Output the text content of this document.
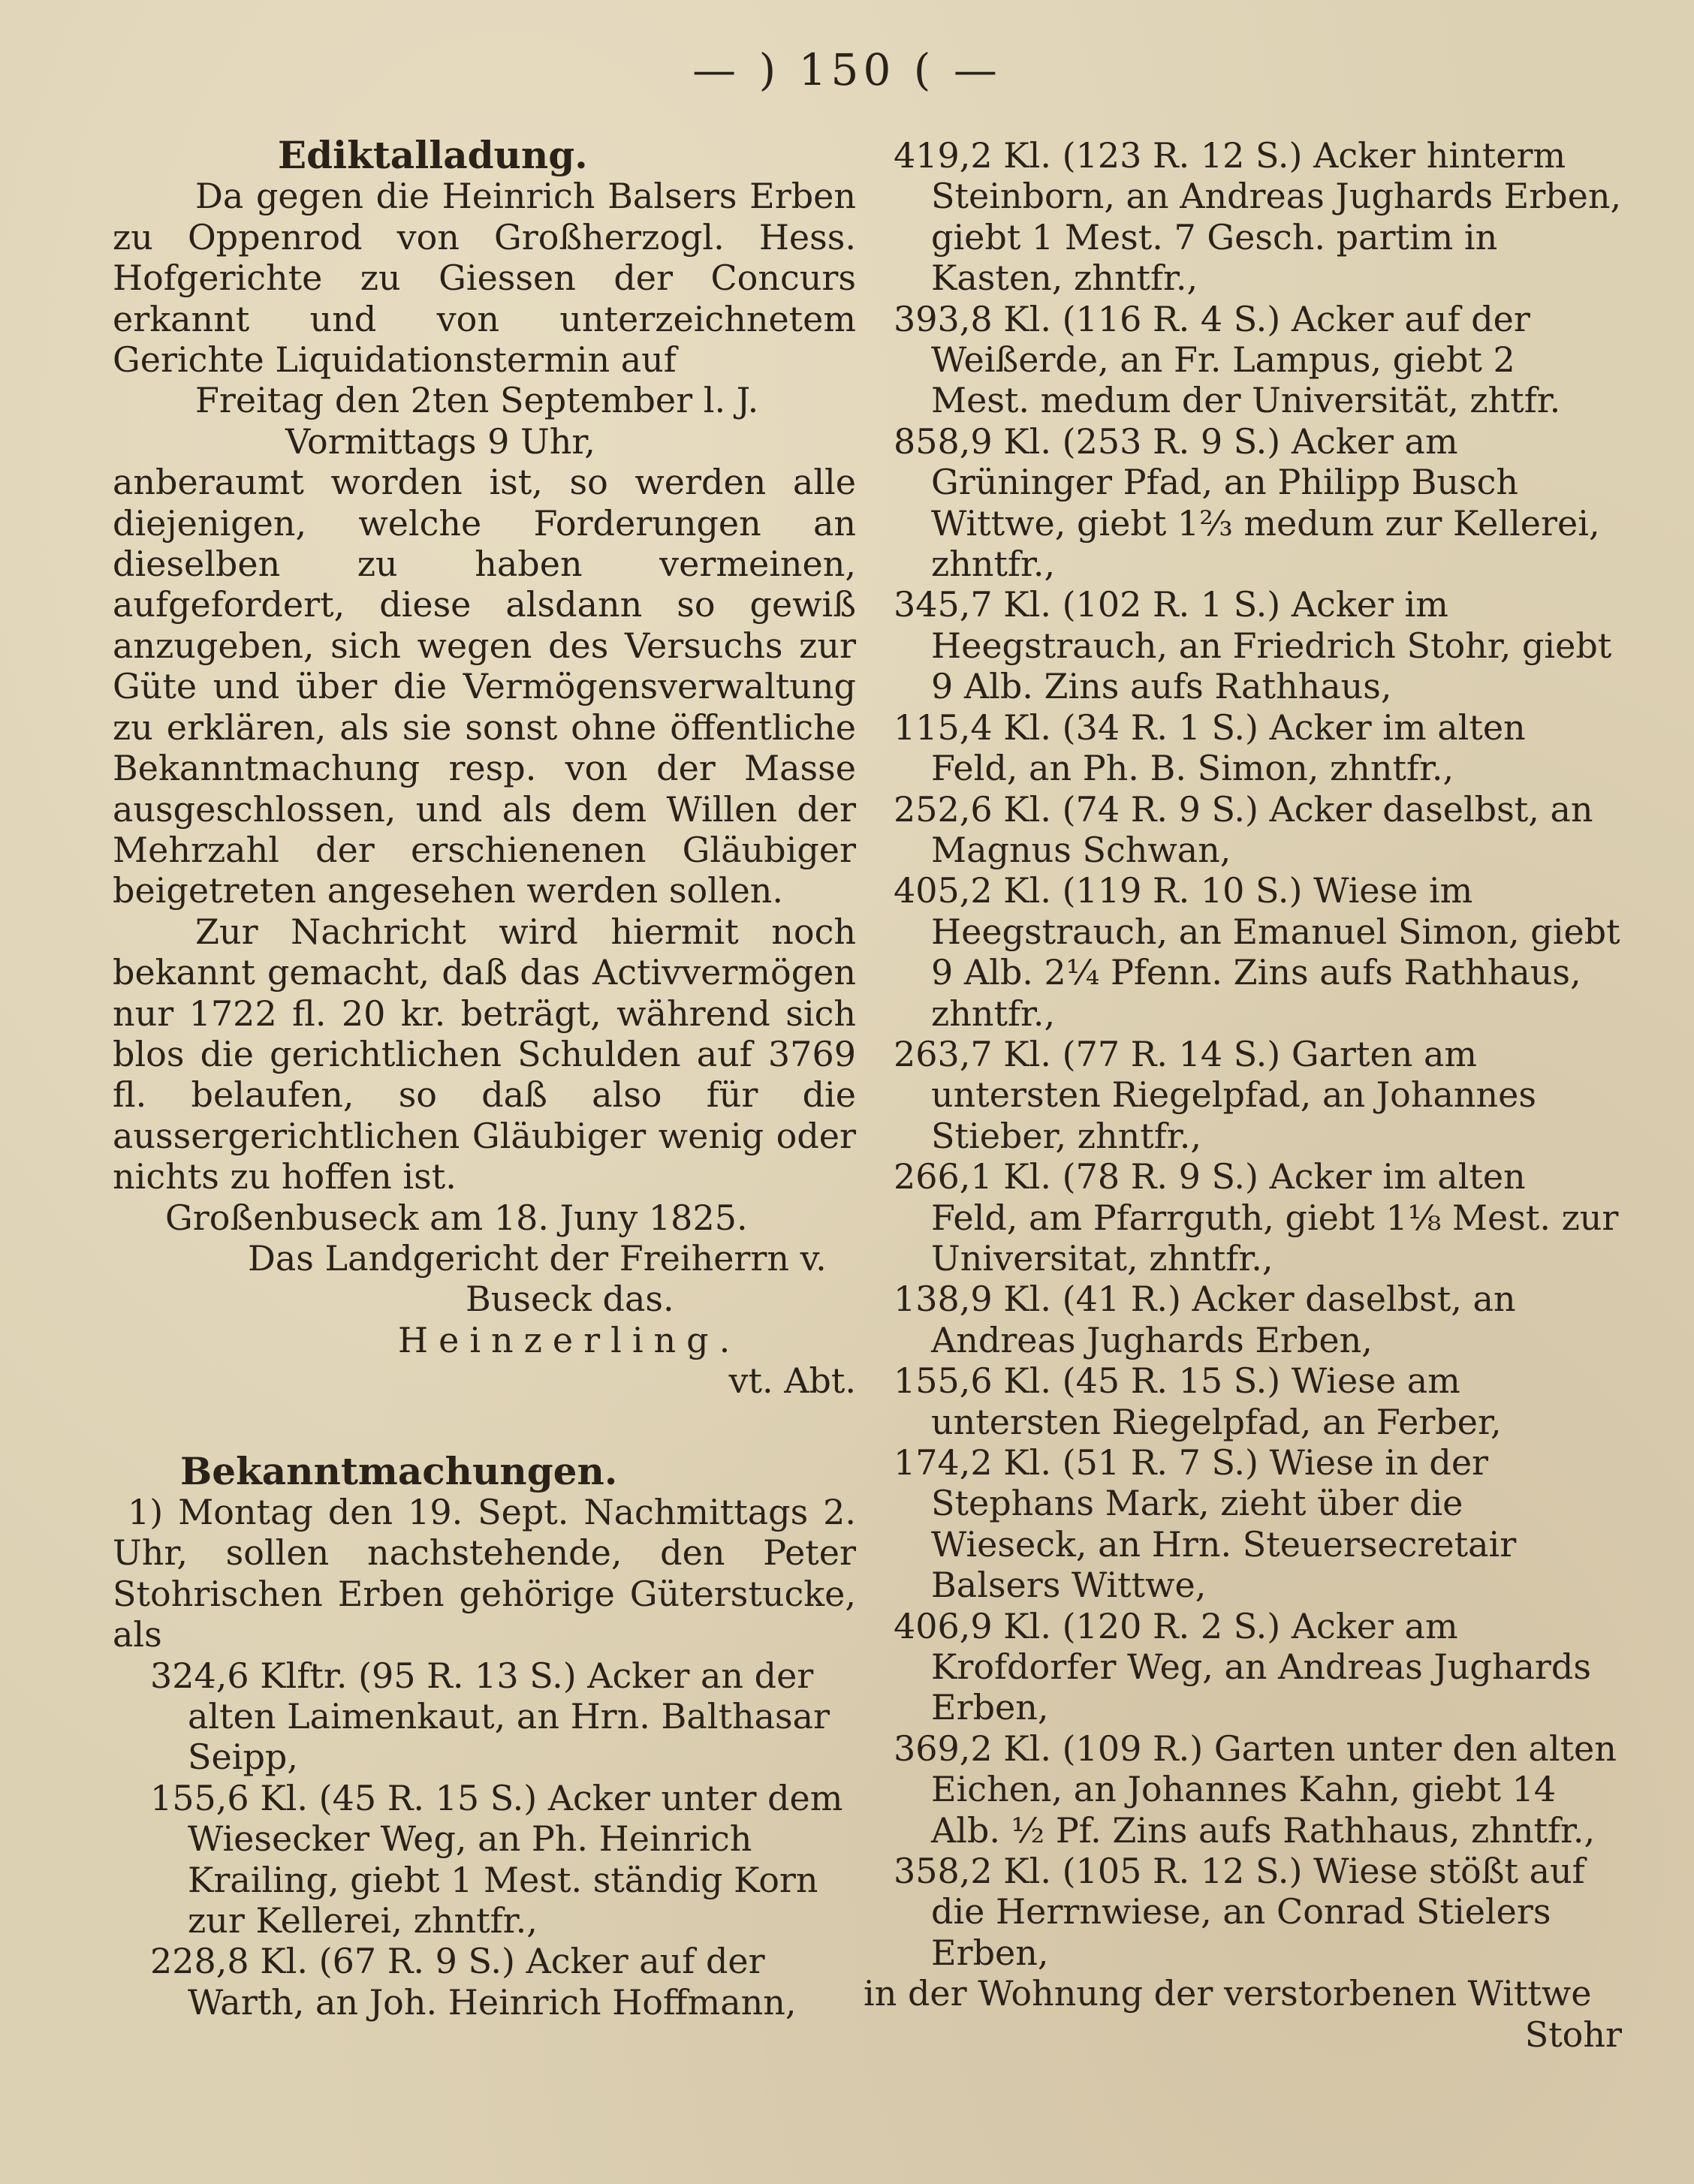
— ) 150 ( —

Ediktalladung.

Da gegen die Heinrich Balsers Erben zu Oppenrod von Großherzogl. Hess. Hofgerichte zu Giessen der Concurs erkannt und von unterzeichnetem Gerichte Liquidationstermin auf

Freitag den 2ten September l. J.

Vormittags 9 Uhr,

anberaumt worden ist, so werden alle diejenigen, welche Forderungen an dieselben zu haben vermeinen, aufgefordert, diese alsdann so gewiß anzugeben, sich wegen des Versuchs zur Güte und über die Vermögensverwaltung zu erklären, als sie sonst ohne öffentliche Bekanntmachung resp. von der Masse ausgeschlossen, und als dem Willen der Mehrzahl der erschienenen Gläubiger beigetreten angesehen werden sollen.

Zur Nachricht wird hiermit noch bekannt gemacht, daß das Activvermögen nur 1722 fl. 20 kr. beträgt, während sich blos die gerichtlichen Schulden auf 3769 fl. belaufen, so daß also für die aussergerichtlichen Gläubiger wenig oder nichts zu hoffen ist.

Großenbuseck am 18. Juny 1825.

Das Landgericht der Freiherrn v.

Buseck das.

Heinzerling.

vt. Abt.

Bekanntmachungen.

1) Montag den 19. Sept. Nachmittags 2. Uhr, sollen nachstehende, den Peter Stohrischen Erben gehörige Güterstucke, als

324,6 Klftr. (95 R. 13 S.) Acker an der alten Laimenkaut, an Hrn. Balthasar Seipp,

155,6 Kl. (45 R. 15 S.) Acker unter dem Wiesecker Weg, an Ph. Heinrich Krailing, giebt 1 Mest. ständig Korn zur Kellerei, zhntfr.,

228,8 Kl. (67 R. 9 S.) Acker auf der Warth, an Joh. Heinrich Hoffmann,

419,2 Kl. (123 R. 12 S.) Acker hinterm Steinborn, an Andreas Jughards Erben, giebt 1 Mest. 7 Gesch. partim in Kasten, zhntfr.,

393,8 Kl. (116 R. 4 S.) Acker auf der Weißerde, an Fr. Lampus, giebt 2 Mest. medum der Universität, zhtfr.

858,9 Kl. (253 R. 9 S.) Acker am Grüninger Pfad, an Philipp Busch Wittwe, giebt 1⅔ medum zur Kellerei, zhntfr.,

345,7 Kl. (102 R. 1 S.) Acker im Heegstrauch, an Friedrich Stohr, giebt 9 Alb. Zins aufs Rathhaus,

115,4 Kl. (34 R. 1 S.) Acker im alten Feld, an Ph. B. Simon, zhntfr.,

252,6 Kl. (74 R. 9 S.) Acker daselbst, an Magnus Schwan,

405,2 Kl. (119 R. 10 S.) Wiese im Heegstrauch, an Emanuel Simon, giebt 9 Alb. 2¼ Pfenn. Zins aufs Rathhaus, zhntfr.,

263,7 Kl. (77 R. 14 S.) Garten am untersten Riegelpfad, an Johannes Stieber, zhntfr.,

266,1 Kl. (78 R. 9 S.) Acker im alten Feld, am Pfarrguth, giebt 1⅛ Mest. zur Universitat, zhntfr.,

138,9 Kl. (41 R.) Acker daselbst, an Andreas Jughards Erben,

155,6 Kl. (45 R. 15 S.) Wiese am untersten Riegelpfad, an Ferber,

174,2 Kl. (51 R. 7 S.) Wiese in der Stephans Mark, zieht über die Wieseck, an Hrn. Steuersecretair Balsers Wittwe,

406,9 Kl. (120 R. 2 S.) Acker am Krofdorfer Weg, an Andreas Jughards Erben,

369,2 Kl. (109 R.) Garten unter den alten Eichen, an Johannes Kahn, giebt 14 Alb. ½ Pf. Zins aufs Rathhaus, zhntfr.,

358,2 Kl. (105 R. 12 S.) Wiese stößt auf die Herrnwiese, an Conrad Stielers Erben,

in der Wohnung der verstorbenen Wittwe

Stohr
